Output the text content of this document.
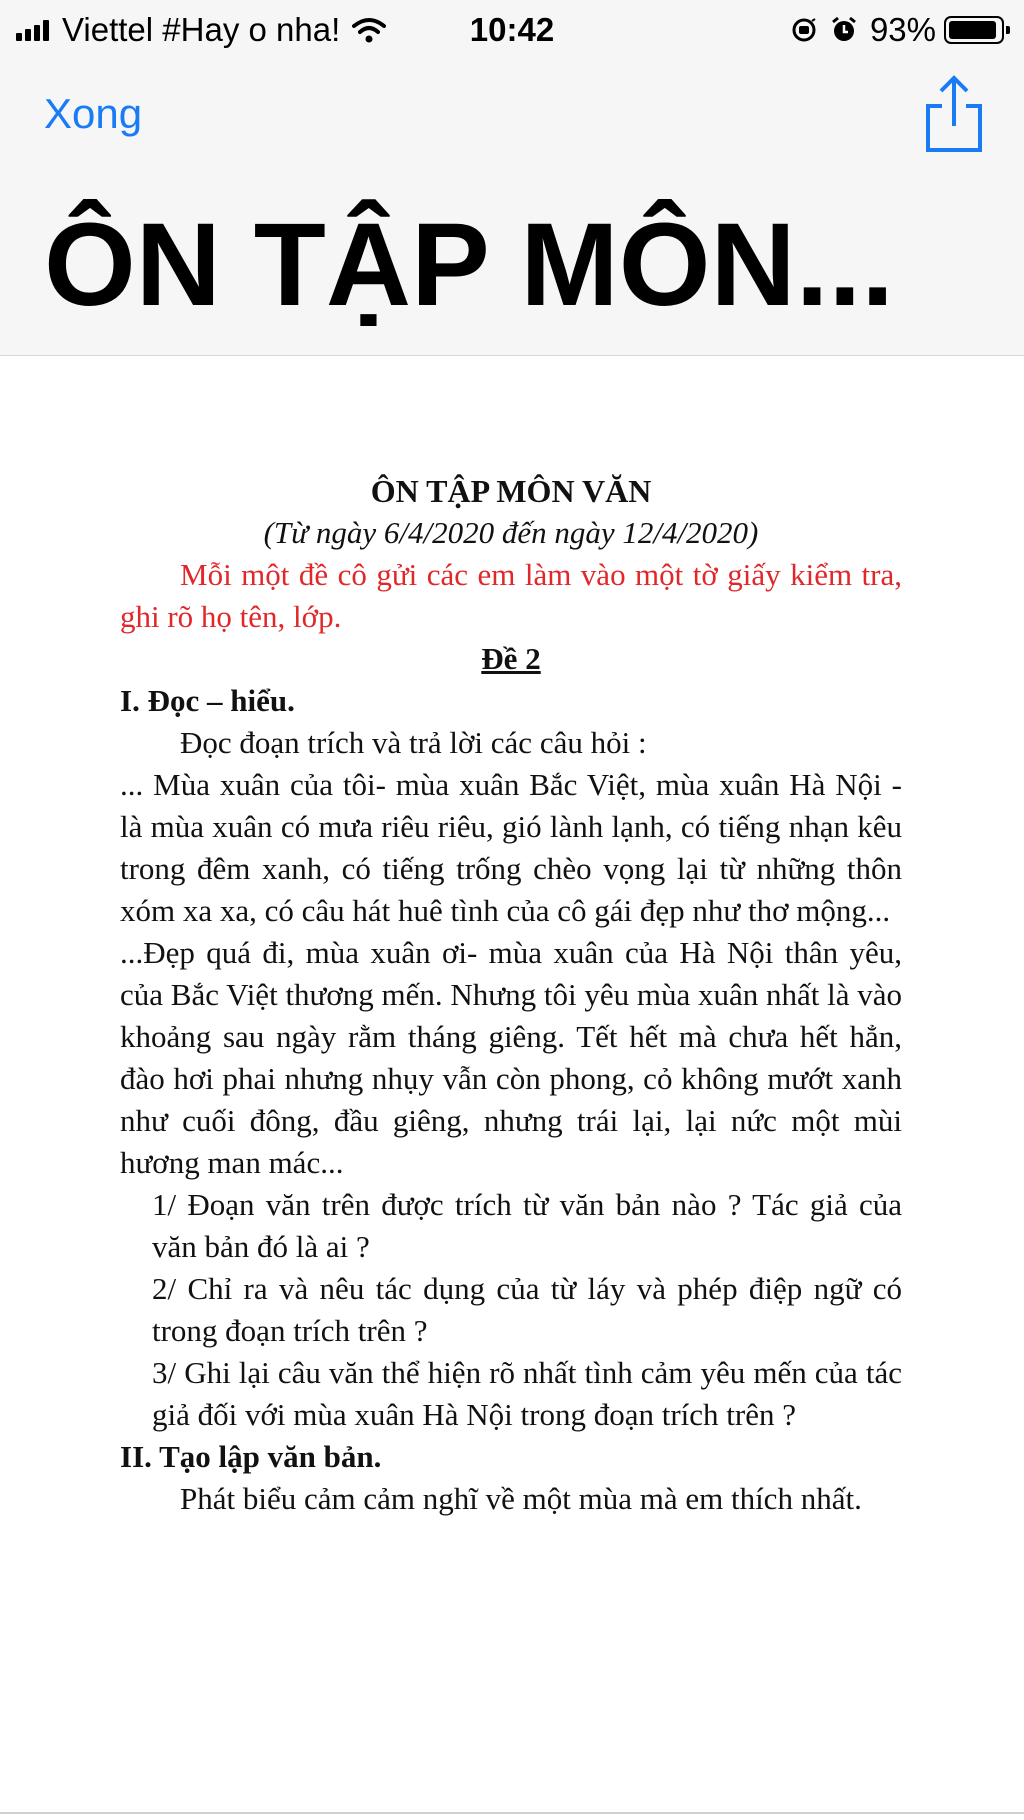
Viettel #Hay o nha!	10:42	93%
Xong
ÔN TẬP MÔN...

ÔN TẬP MÔN VĂN

(Từ ngày 6/4/2020 đến ngày 12/4/2020)

Mỗi một đề cô gửi các em làm vào một tờ giấy kiểm tra, ghi rõ họ tên, lớp.

Đề 2

I. Đọc – hiểu.

Đọc đoạn trích và trả lời các câu hỏi :

... Mùa xuân của tôi- mùa xuân Bắc Việt, mùa xuân Hà Nội - là mùa xuân có mưa riêu riêu, gió lành lạnh, có tiếng nhạn kêu trong đêm xanh, có tiếng trống chèo vọng lại từ những thôn xóm xa xa, có câu hát huê tình của cô gái đẹp như thơ mộng...

...Đẹp quá đi, mùa xuân ơi- mùa xuân của Hà Nội thân yêu, của Bắc Việt thương mến. Nhưng tôi yêu mùa xuân nhất là vào khoảng sau ngày rằm tháng giêng. Tết hết mà chưa hết hẳn, đào hơi phai nhưng nhụy vẫn còn phong, cỏ không mướt xanh như cuối đông, đầu giêng, nhưng trái lại, lại nức một mùi hương man mác...

1/ Đoạn văn trên được trích từ văn bản nào ? Tác giả của văn bản đó là ai ?

2/ Chỉ ra và nêu tác dụng của từ láy và phép điệp ngữ có trong đoạn trích trên ?

3/ Ghi lại câu văn thể hiện rõ nhất tình cảm yêu mến của tác giả đối với mùa xuân Hà Nội trong đoạn trích trên ?

II. Tạo lập văn bản.

Phát biểu cảm cảm nghĩ về một mùa mà em thích nhất.
